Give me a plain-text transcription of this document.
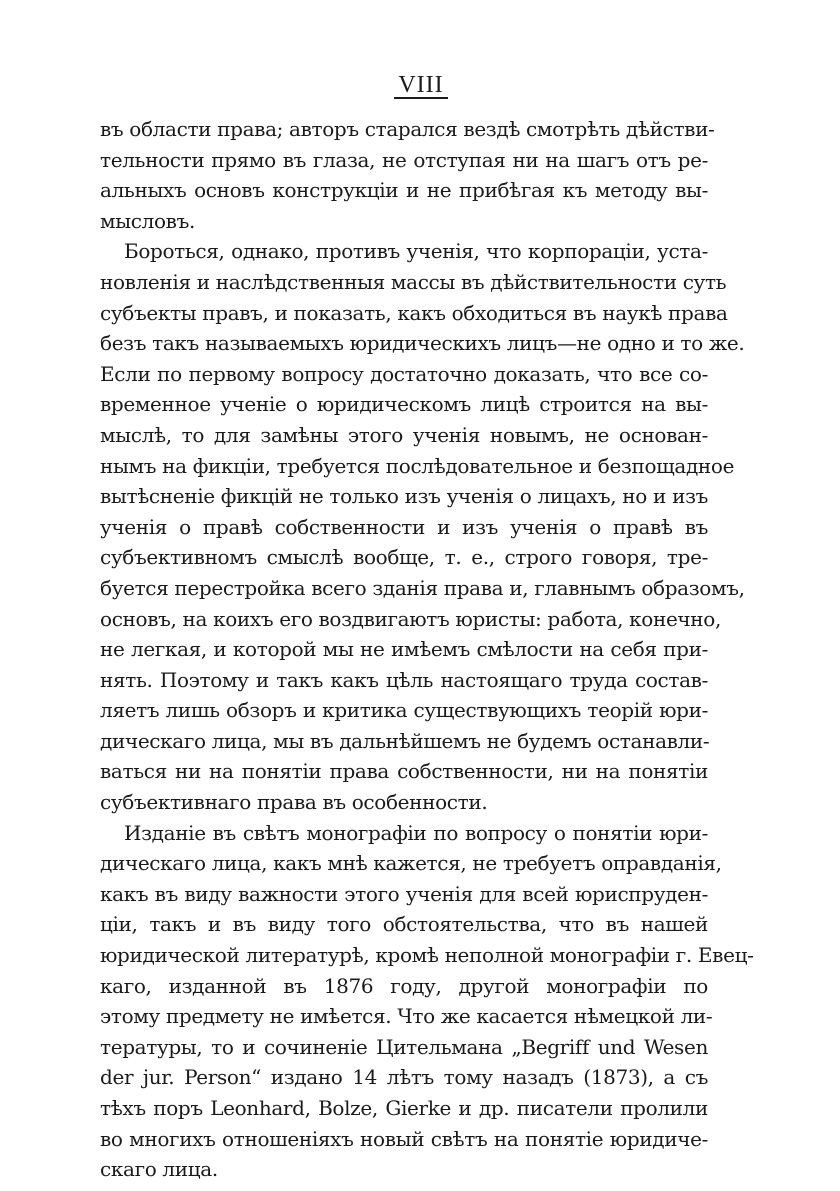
VIII
въ области права; авторъ старался вездѣ смотрѣть дѣйстви-
тельности прямо въ глаза, не отступая ни на шагъ отъ ре-
альныхъ основъ конструкціи и не прибѣгая къ методу вы-
мысловъ.
Бороться, однако, противъ ученія, что корпораціи, уста-
новленія и наслѣдственныя массы въ дѣйствительности суть
субъекты правъ, и показать, какъ обходиться въ наукѣ права
безъ такъ называемыхъ юридическихъ лицъ—не одно и то же.
Если по первому вопросу достаточно доказать, что все со-
временное ученіе о юридическомъ лицѣ строится на вы-
мыслѣ, то для замѣны этого ученія новымъ, не основан-
нымъ на фикціи, требуется послѣдовательное и безпощадное
вытѣсненіе фикцій не только изъ ученія о лицахъ, но и изъ
ученія о правѣ собственности и изъ ученія о правѣ въ
субъективномъ смыслѣ вообще, т. е., строго говоря, тре-
буется перестройка всего зданія права и, главнымъ образомъ,
основъ, на коихъ его воздвигаютъ юристы: работа, конечно,
не легкая, и которой мы не имѣемъ смѣлости на себя при-
нять. Поэтому и такъ какъ цѣль настоящаго труда состав-
ляетъ лишь обзоръ и критика существующихъ теорій юри-
дическаго лица, мы въ дальнѣйшемъ не будемъ останавли-
ваться ни на понятіи права собственности, ни на понятіи
субъективнаго права въ особенности.
Изданіе въ свѣтъ монографіи по вопросу о понятіи юри-
дическаго лица, какъ мнѣ кажется, не требуетъ оправданія,
какъ въ виду важности этого ученія для всей юриспруден-
ціи, такъ и въ виду того обстоятельства, что въ нашей
юридической литературѣ, кромѣ неполной монографіи г. Евец-
каго, изданной въ 1876 году, другой монографіи по
этому предмету не имѣется. Что же касается нѣмецкой ли-
тературы, то и сочиненіе Цительмана „Begriff und Wesen
der jur. Person“ издано 14 лѣтъ тому назадъ (1873), а съ
тѣхъ поръ Leonhard, Bolze, Gierke и др. писатели пролили
во многихъ отношеніяхъ новый свѣтъ на понятіе юридиче-
скаго лица.
